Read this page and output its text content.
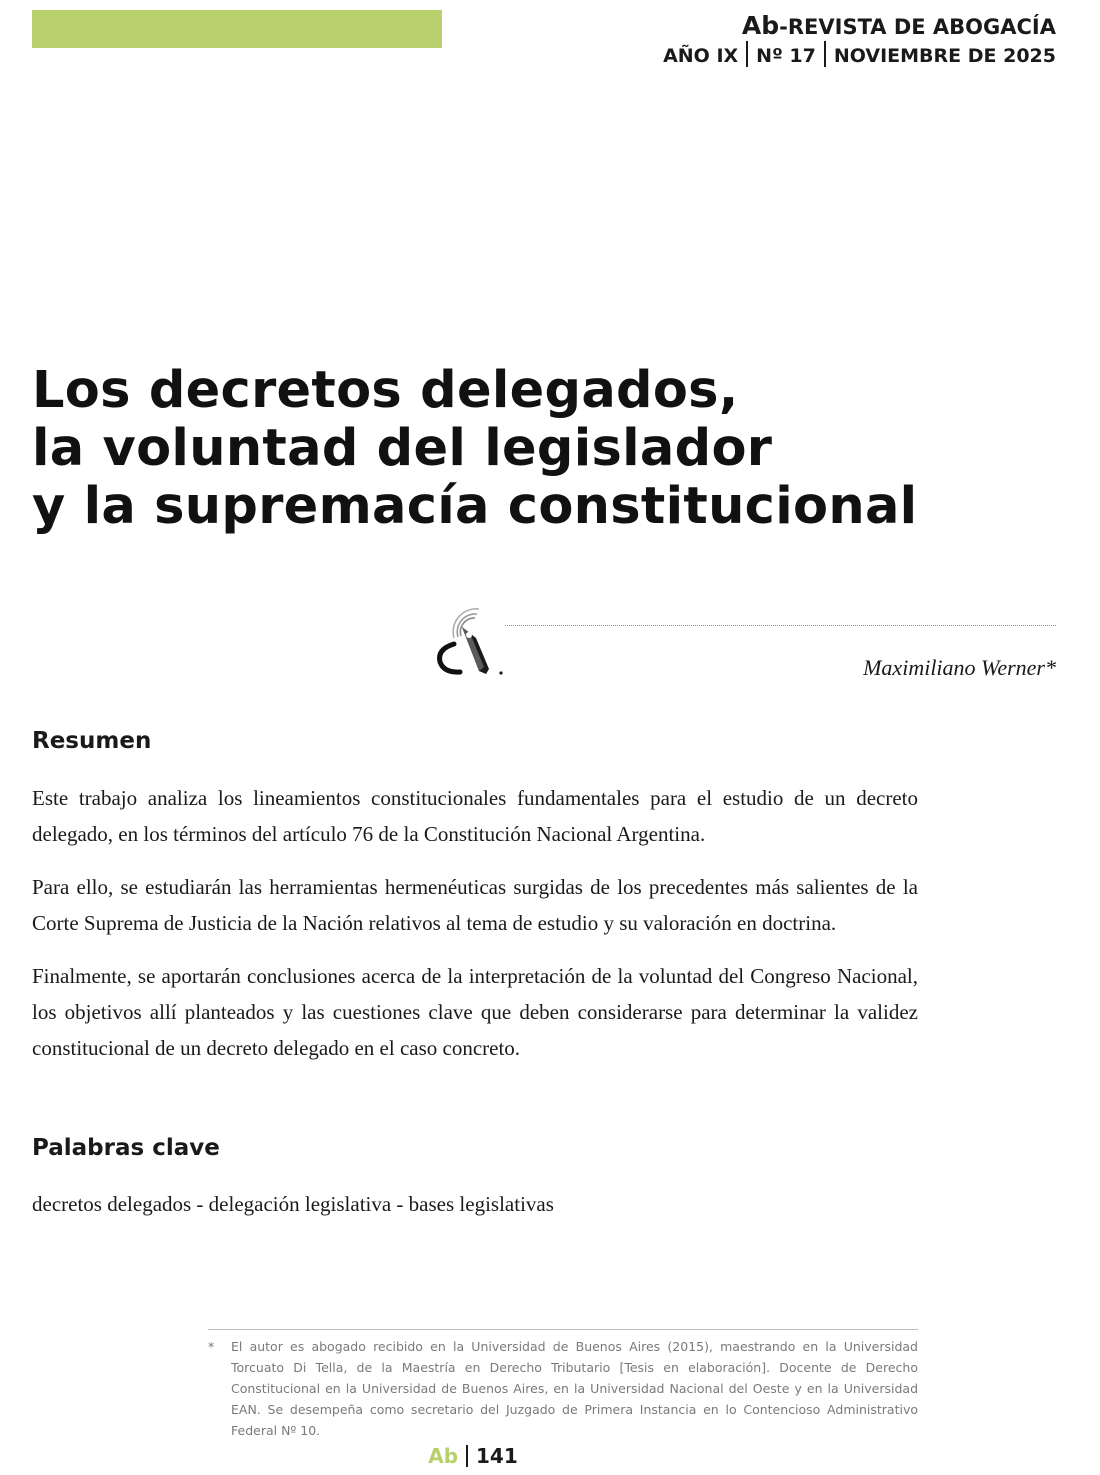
Ab-REVISTA DE ABOGACÍA
AÑO IX Nº 17 NOVIEMBRE DE 2025
Los decretos delegados,
la voluntad del legislador
y la supremacía constitucional
Maximiliano Werner*
Resumen

Este trabajo analiza los lineamientos constitucionales fundamentales para el estudio de un decreto delegado, en los términos del artículo 76 de la Constitución Nacional Argentina.

Para ello, se estudiarán las herramientas hermenéuticas surgidas de los precedentes más salientes de la Corte Suprema de Justicia de la Nación relativos al tema de estudio y su valoración en doctrina.

Finalmente, se aportarán conclusiones acerca de la interpretación de la voluntad del Congreso Nacional, los objetivos allí planteados y las cuestiones clave que deben considerarse para determinar la validez constitucional de un decreto delegado en el caso concreto.

Palabras clave

decretos delegados - delegación legislativa - bases legislativas

* El autor es abogado recibido en la Universidad de Buenos Aires (2015), maestrando en la Universidad Torcuato Di Tella, de la Maestría en Derecho Tributario [Tesis en elaboración]. Docente de Derecho Constitucional en la Universidad de Buenos Aires, en la Universidad Nacional del Oeste y en la Universidad EAN. Se desempeña como secretario del Juzgado de Primera Instancia en lo Contencioso Administrativo Federal Nº 10.
Ab 141
